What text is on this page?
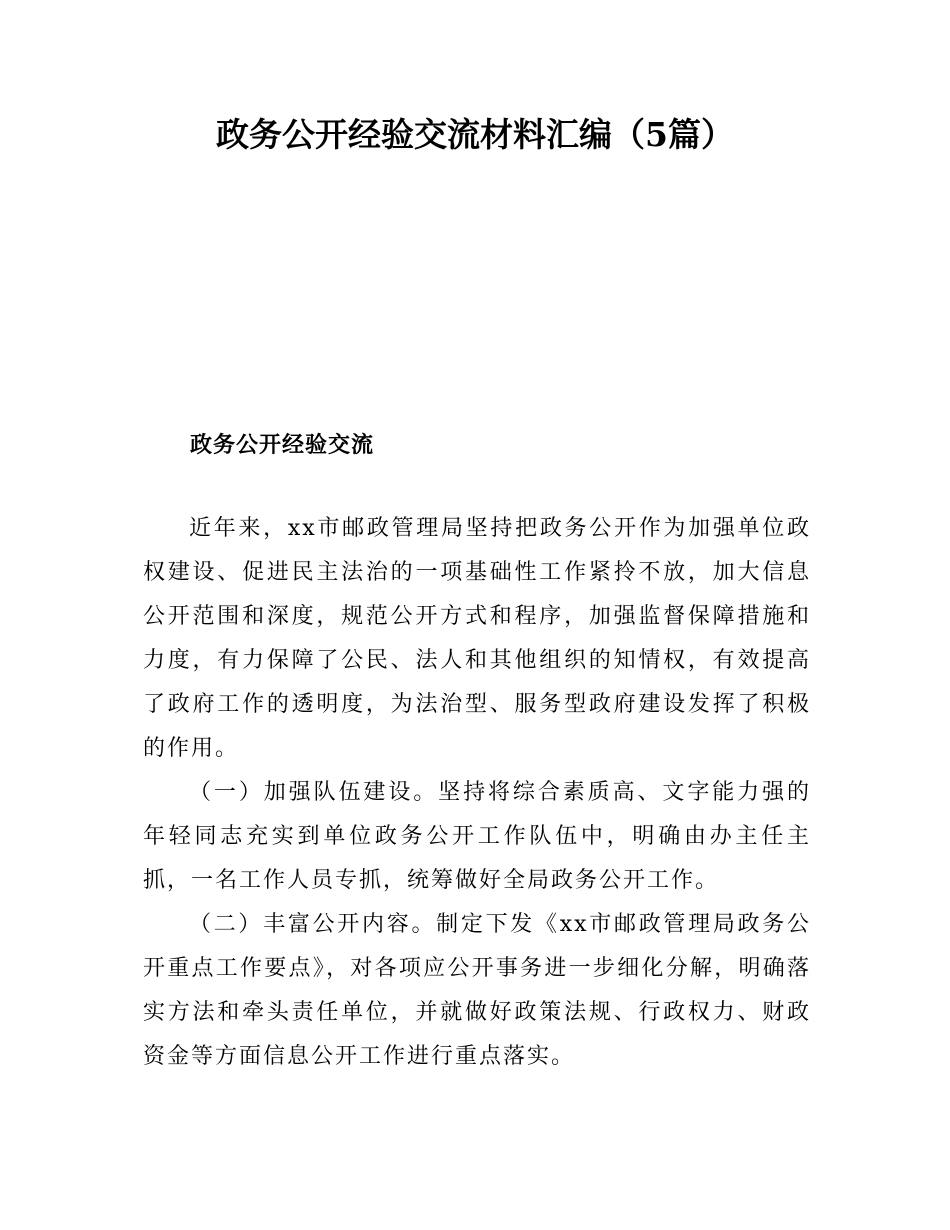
政务公开经验交流材料汇编（5篇）
政务公开经验交流

近年来，xx市邮政管理局坚持把政务公开作为加强单位政权建设、促进民主法治的一项基础性工作紧拎不放，加大信息公开范围和深度，规范公开方式和程序，加强监督保障措施和力度，有力保障了公民、法人和其他组织的知情权，有效提高了政府工作的透明度，为法治型、服务型政府建设发挥了积极的作用。

（一）加强队伍建设。坚持将综合素质高、文字能力强的年轻同志充实到单位政务公开工作队伍中，明确由办主任主抓，一名工作人员专抓，统筹做好全局政务公开工作。

（二）丰富公开内容。制定下发《xx市邮政管理局政务公开重点工作要点》，对各项应公开事务进一步细化分解，明确落实方法和牵头责任单位，并就做好政策法规、行政权力、财政资金等方面信息公开工作进行重点落实。
